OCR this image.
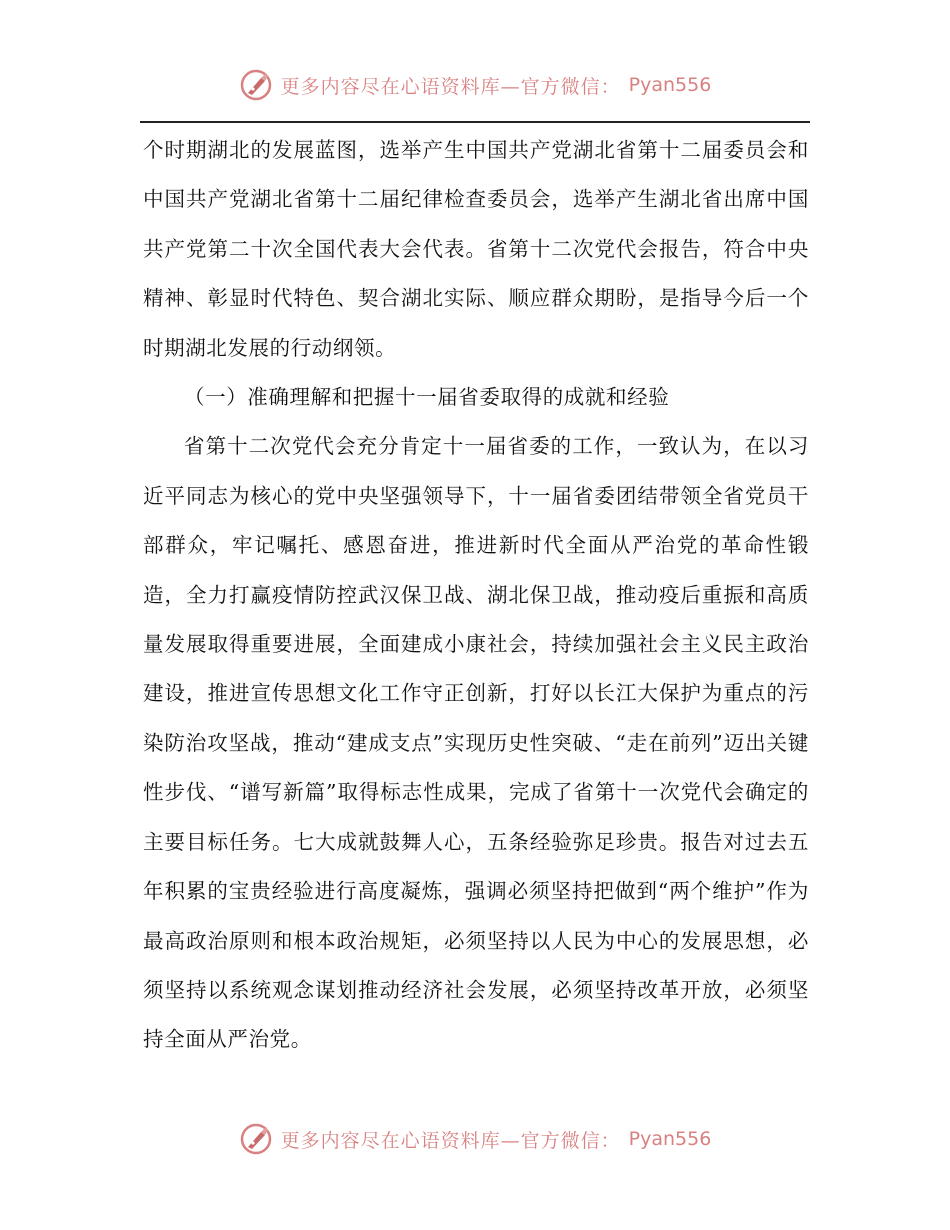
更多内容尽在心语资料库—官方微信： Pyan556

个时期湖北的发展蓝图，选举产生中国共产党湖北省第十二届委员会和中国共产党湖北省第十二届纪律检查委员会，选举产生湖北省出席中国共产党第二十次全国代表大会代表。省第十二次党代会报告，符合中央精神、彰显时代特色、契合湖北实际、顺应群众期盼，是指导今后一个时期湖北发展的行动纲领。

（一）准确理解和把握十一届省委取得的成就和经验

省第十二次党代会充分肯定十一届省委的工作，一致认为，在以习近平同志为核心的党中央坚强领导下，十一届省委团结带领全省党员干部群众，牢记嘱托、感恩奋进，推进新时代全面从严治党的革命性锻造，全力打赢疫情防控武汉保卫战、湖北保卫战，推动疫后重振和高质量发展取得重要进展，全面建成小康社会，持续加强社会主义民主政治建设，推进宣传思想文化工作守正创新，打好以长江大保护为重点的污染防治攻坚战，推动“建成支点”实现历史性突破、“走在前列”迈出关键性步伐、“谱写新篇”取得标志性成果，完成了省第十一次党代会确定的主要目标任务。七大成就鼓舞人心，五条经验弥足珍贵。报告对过去五年积累的宝贵经验进行高度凝炼，强调必须坚持把做到“两个维护”作为最高政治原则和根本政治规矩，必须坚持以人民为中心的发展思想，必须坚持以系统观念谋划推动经济社会发展，必须坚持改革开放，必须坚持全面从严治党。

更多内容尽在心语资料库—官方微信： Pyan556
